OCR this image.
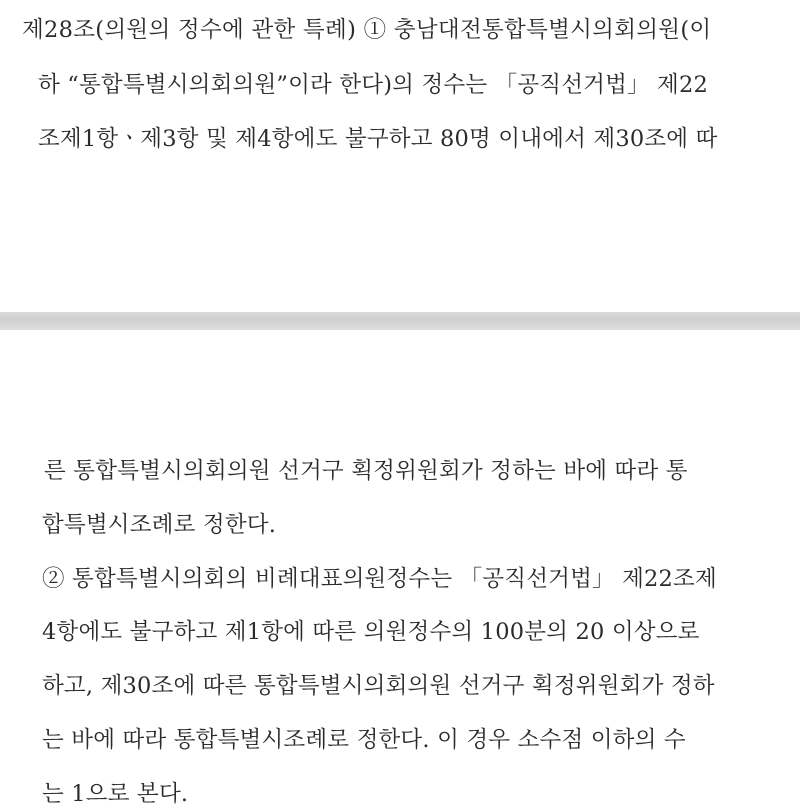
제28조(의원의 정수에 관한 특례) ① 충남대전통합특별시의회의원(이
하 “통합특별시의회의원”이라 한다)의 정수는 「공직선거법」 제22
조제1항ㆍ제3항 및 제4항에도 불구하고 80명 이내에서 제30조에 따
른 통합특별시의회의원 선거구 획정위원회가 정하는 바에 따라 통
합특별시조례로 정한다.
② 통합특별시의회의 비례대표의원정수는 「공직선거법」 제22조제
4항에도 불구하고 제1항에 따른 의원정수의 100분의 20 이상으로
하고, 제30조에 따른 통합특별시의회의원 선거구 획정위원회가 정하
는 바에 따라 통합특별시조례로 정한다. 이 경우 소수점 이하의 수
는 1으로 본다.
